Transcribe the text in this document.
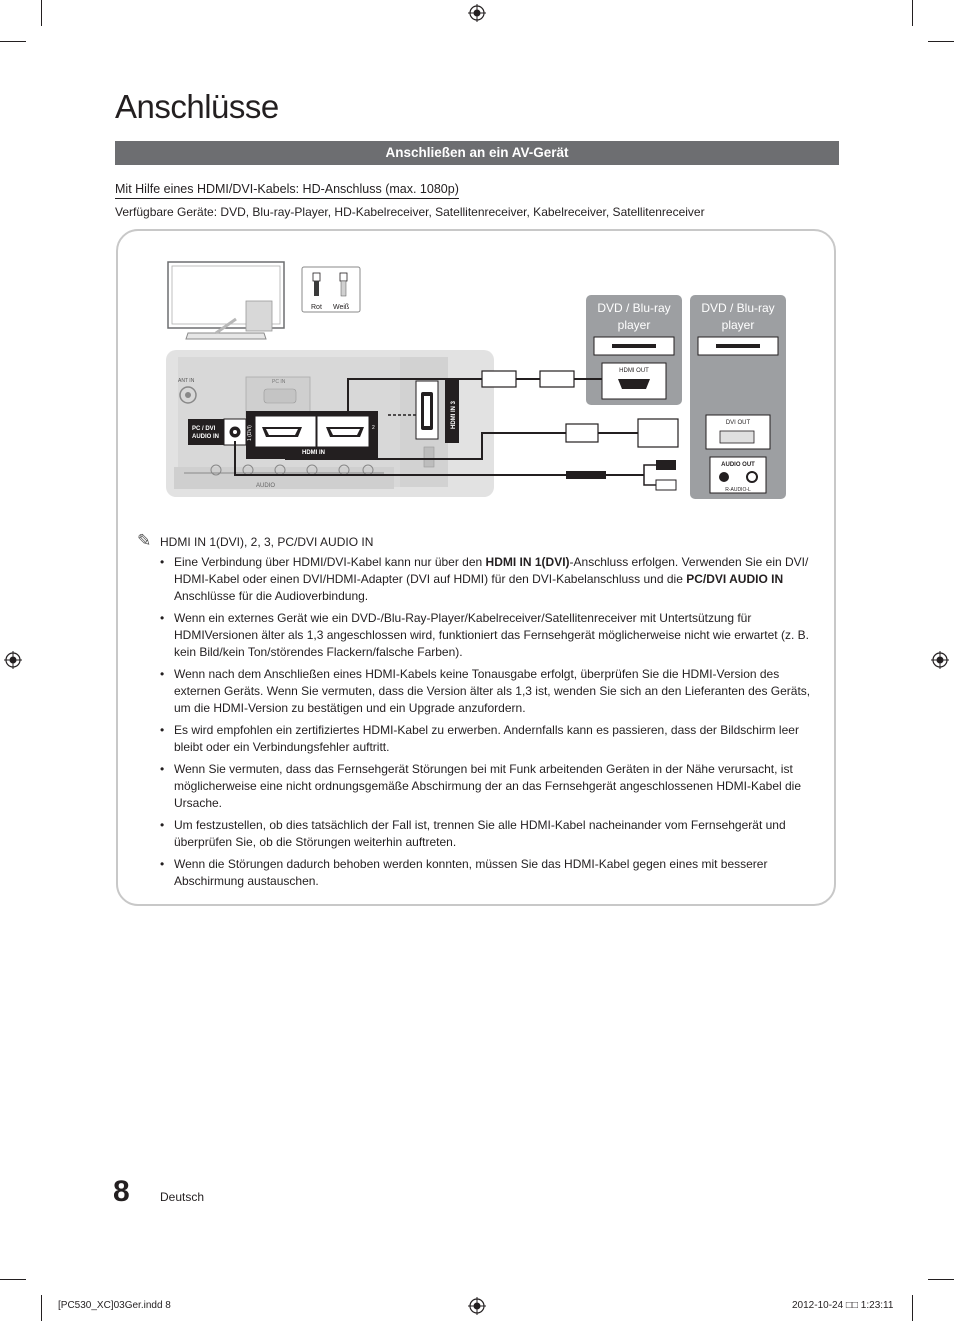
Anschlüsse
Anschließen an ein AV-Gerät
Mit Hilfe eines HDMI/DVI-Kabels: HD-Anschluss (max. 1080p)
Verfügbare Geräte: DVD, Blu-ray-Player, HD-Kabelreceiver, Satellitenreceiver, Kabelreceiver, Satellitenreceiver
Rot Weiß
ANT IN	PC IN
PC / DVI
AUDIO IN	1 (DVI)	2
HDMI IN
HDMI IN 3
AUDIO
DVD / Blu-ray
player
HDMI OUT
DVD / Blu-ray
player
DVI OUT
AUDIO OUT
R-AUDIO-L
✎ HDMI IN 1(DVI), 2, 3, PC/DVI AUDIO IN
• Eine Verbindung über HDMI/DVI-Kabel kann nur über den HDMI IN 1(DVI)-Anschluss erfolgen. Verwenden Sie ein DVI/ HDMI-Kabel oder einen DVI/HDMI-Adapter (DVI auf HDMI) für den DVI-Kabelanschluss und die PC/DVI AUDIO IN Anschlüsse für die Audioverbindung.
• Wenn ein externes Gerät wie ein DVD-/Blu-Ray-Player/Kabelreceiver/Satellitenreceiver mit Untertsützung für HDMIVersionen älter als 1,3 angeschlossen wird, funktioniert das Fernsehgerät möglicherweise nicht wie erwartet (z. B. kein Bild/kein Ton/störendes Flackern/falsche Farben).
• Wenn nach dem Anschließen eines HDMI-Kabels keine Tonausgabe erfolgt, überprüfen Sie die HDMI-Version des externen Geräts. Wenn Sie vermuten, dass die Version älter als 1,3 ist, wenden Sie sich an den Lieferanten des Geräts, um die HDMI-Version zu bestätigen und ein Upgrade anzufordern.
• Es wird empfohlen ein zertifiziertes HDMI-Kabel zu erwerben. Andernfalls kann es passieren, dass der Bildschirm leer bleibt oder ein Verbindungsfehler auftritt.
• Wenn Sie vermuten, dass das Fernsehgerät Störungen bei mit Funk arbeitenden Geräten in der Nähe verursacht, ist möglicherweise eine nicht ordnungsgemäße Abschirmung der an das Fernsehgerät angeschlossenen HDMI-Kabel die Ursache.
• Um festzustellen, ob dies tatsächlich der Fall ist, trennen Sie alle HDMI-Kabel nacheinander vom Fernsehgerät und überprüfen Sie, ob die Störungen weiterhin auftreten.
• Wenn die Störungen dadurch behoben werden konnten, müssen Sie das HDMI-Kabel gegen eines mit besserer Abschirmung austauschen.
8	Deutsch
[PC530_XC]03Ger.indd 8	2012-10-24 □□ 1:23:11
